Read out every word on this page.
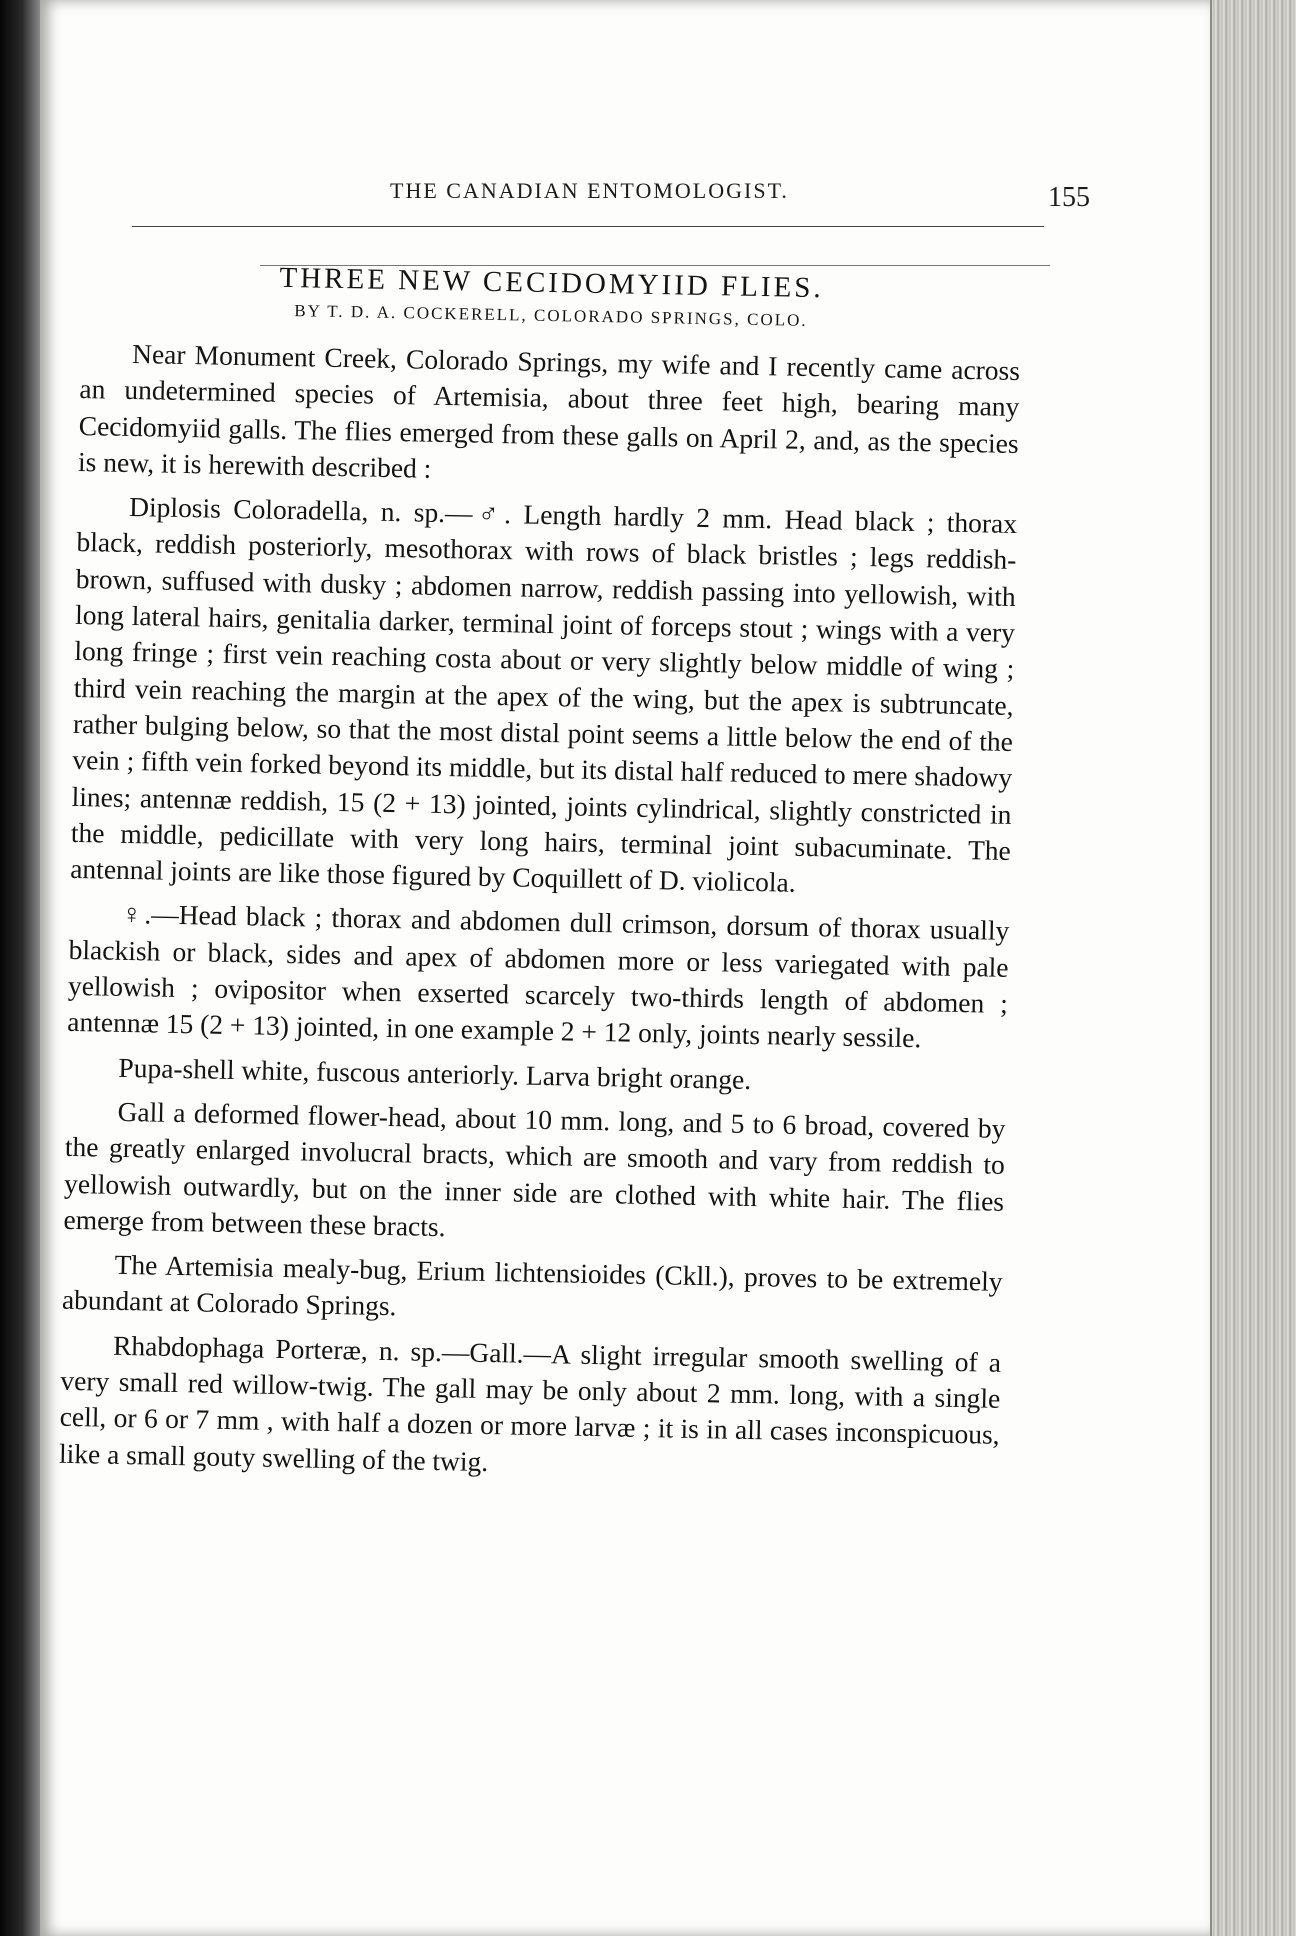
THE CANADIAN ENTOMOLOGIST.	155
THREE NEW CECIDOMYIID FLIES.
BY T. D. A. COCKERELL, COLORADO SPRINGS, COLO.

Near Monument Creek, Colorado Springs, my wife and I recently came across an undetermined species of Artemisia, about three feet high, bearing many Cecidomyiid galls. The flies emerged from these galls on April 2, and, as the species is new, it is herewith described :

Diplosis Coloradella, n. sp.—♂. Length hardly 2 mm. Head black ; thorax black, reddish posteriorly, mesothorax with rows of black bristles ; legs reddish-brown, suffused with dusky ; abdomen narrow, reddish passing into yellowish, with long lateral hairs, genitalia darker, terminal joint of forceps stout ; wings with a very long fringe ; first vein reaching costa about or very slightly below middle of wing ; third vein reaching the margin at the apex of the wing, but the apex is subtruncate, rather bulging below, so that the most distal point seems a little below the end of the vein ; fifth vein forked beyond its middle, but its distal half reduced to mere shadowy lines; antennæ reddish, 15 (2 + 13) jointed, joints cylindrical, slightly constricted in the middle, pedicillate with very long hairs, terminal joint subacuminate. The antennal joints are like those figured by Coquillett of D. violicola.

♀.—Head black ; thorax and abdomen dull crimson, dorsum of thorax usually blackish or black, sides and apex of abdomen more or less variegated with pale yellowish ; ovipositor when exserted scarcely two-thirds length of abdomen ; antennæ 15 (2 + 13) jointed, in one example 2 + 12 only, joints nearly sessile.

Pupa-shell white, fuscous anteriorly. Larva bright orange.

Gall a deformed flower-head, about 10 mm. long, and 5 to 6 broad, covered by the greatly enlarged involucral bracts, which are smooth and vary from reddish to yellowish outwardly, but on the inner side are clothed with white hair. The flies emerge from between these bracts.

The Artemisia mealy-bug, Erium lichtensioides (Ckll.), proves to be extremely abundant at Colorado Springs.

Rhabdophaga Porteræ, n. sp.—Gall.—A slight irregular smooth swelling of a very small red willow-twig. The gall may be only about 2 mm. long, with a single cell, or 6 or 7 mm , with half a dozen or more larvæ ; it is in all cases inconspicuous, like a small gouty swelling of the twig.
